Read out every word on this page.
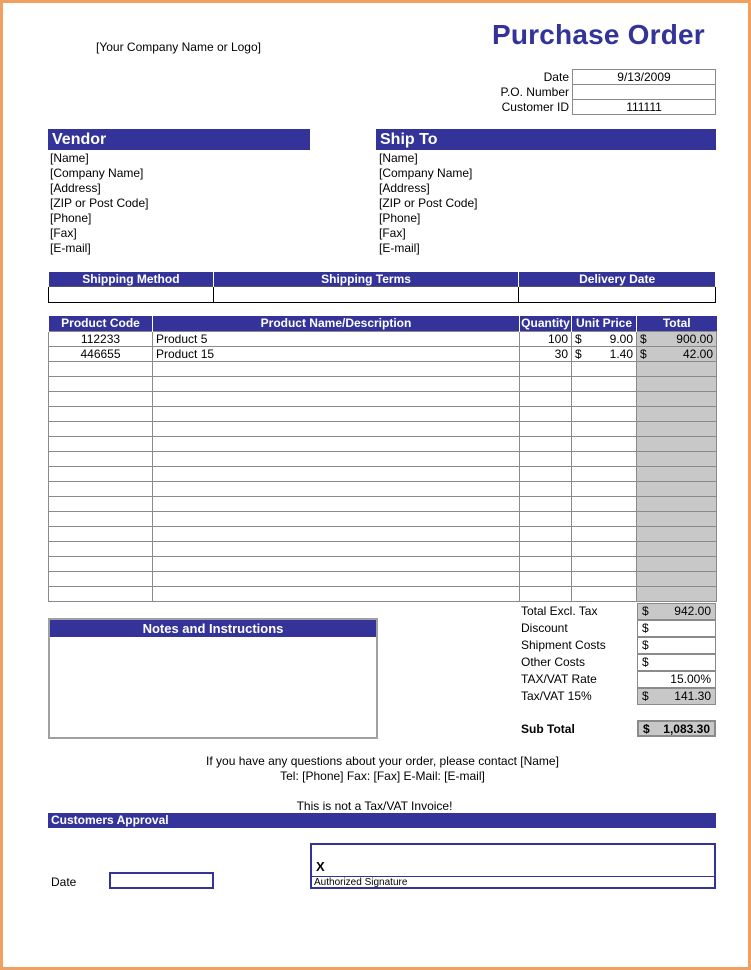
[Your Company Name or Logo]	Purchase Order
Date	9/13/2009
P.O. Number
Customer ID	111111
Vendor
[Name]
[Company Name]
[Address]
[ZIP or Post Code]
[Phone]
[Fax]
[E-mail]
Ship To
[Name]
[Company Name]
[Address]
[ZIP or Post Code]
[Phone]
[Fax]
[E-mail]
Shipping Method	Shipping Terms	Delivery Date

Product Code	Product Name/Description	Quantity	Unit Price	Total
112233	Product 5	100	$ 9.00	$ 900.00

446655	Product 15	30	$ 1.40	$ 42.00

Notes and Instructions
Total Excl. Tax	$ 942.00
Discount	$
Shipment Costs	$
Other Costs	$
TAX/VAT Rate	15.00%
Tax/VAT 15%	$ 141.30
Sub Total	$ 1,083.30
If you have any questions about your order, please contact [Name]
Tel: [Phone] Fax: [Fax] E-Mail: [E-mail]
This is not a Tax/VAT Invoice!
Customers Approval
Date
X
Authorized Signature
